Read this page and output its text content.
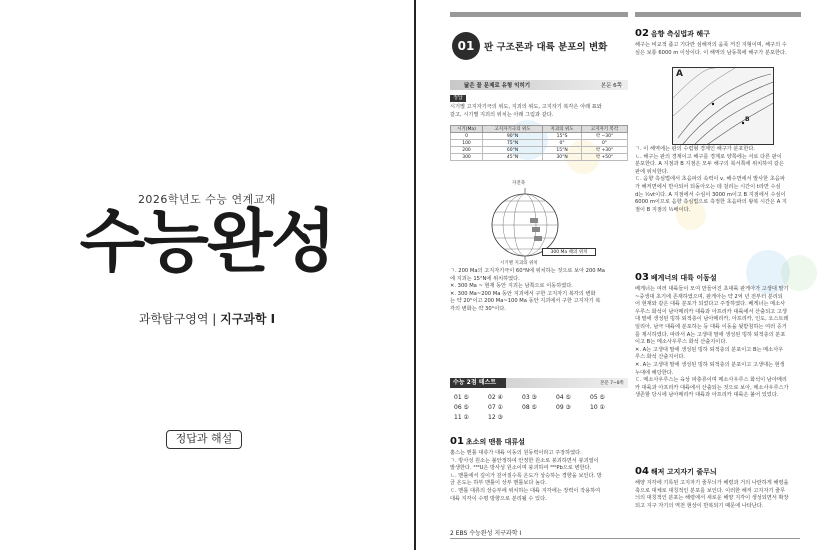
2026학년도 수능 연계교재
수능완성
과학탐구영역 | 지구과학 I
정답과 해설
01	판 구조론과 대륙 분포의 변화
닮은 꼴 문제로 유형 익히기	본문 6쪽
정답
시기별 고지자기극의 위도, 지괴의 위도, 고지자기 복각은 아래 표와
같고, 시기별 지괴의 위치는 아래 그림과 같다.
시기(Ma)	고지자기극의 위도	지괴의 위도	고지자기 복각
0	90°N	15°S	약 −30°
100	75°N	0°	0°
200	60°N	15°N	약 +30°
300	45°N	30°N	약 +50°
자전축
300 Ma 때의 위치
시기별 지괴의 위치
ㄱ. 200 Ma의 고지자기극이 60°N에 위치하는 것으로 보아 200 Ma
에 지괴는 15°N에 위치하였다.
✕. 300 Ma ~ 현재 동안 지괴는 남쪽으로 이동하였다.
✕. 300 Ma~200 Ma 동안 지괴에서 구한 고지자기 복각의 변화
는 약 20°이고 200 Ma~100 Ma 동안 지괴에서 구한 고지자기 복
각의 변화는 약 30°이다.
수능 2점 테스트	본문 7~8쪽
01 ⑤	02 ④	03 ③	04 ⑤	05 ⑤
06 ⑤	07 ①	08 ⑤	09 ③	10 ①
11 ①	12 ③
01 초소의 맨틀 대류설
홈스는 맨틀 대류가 대륙 이동의 원동력이라고 주장하였다.
ㄱ. 방사성 원소는 불안정하여 안정한 원소로 붕괴하면서 붕괴열이
발생한다. ²³⁸U은 방사성 원소이며 붕괴하여 ²⁰⁶Pb으로 변한다.
ㄴ. 맨틀에서 깊이가 깊어질수록 온도가 상승하는 경향을 보인다. 방
금 온도는 하부 맨틀이 상부 맨틀보다 높다.
ㄷ. 맨틀 대류의 상승부에 위치하는 대륙 지각에는 장력이 작용하여
대륙 지각이 수평 방향으로 분리될 수 있다.
02 음향 측심법과 해구
해구는 비교적 좁고 기다란 심해저의 움푹 꺼진 지형이며, 해구의 수
심은 보통 6000 m 이상이다. 이 해역의 남동쪽에 해구가 분포한다.
A
B
ㄱ. 이 해역에는 판의 수렴형 경계인 해구가 분포한다.
ㄴ. 해구는 판의 경계이고 해구를 경계로 양쪽에는 서로 다른 판이
분포한다. A 지점과 B 지점은 모두 해구의 북서쪽에 위치하여 같은
판에 위치한다.
ㄷ. 음향 측심법에서 초음파의 속력이 v, 해수면에서 발사한 초음파
가 해저면에서 반사되어 되돌아오는 데 걸리는 시간이 t라면 수심
d는 ½vt이다. A 지점에서 수심이 3000 m이고 B 지점에서 수심이
6000 m이므로 음향 측심법으로 측정한 초음파의 왕복 시간은 A 지
점이 B 지점의 ½배이다.
03 베게너의 대륙 이동설
베게너는 여러 대륙들이 모여 만들어진 초대륙 판게아가 고생대 말기
~중생대 초기에 존재하였으며, 판게아는 약 2억 년 전부터 분리되
어 현재와 같은 대륙 분포가 되었다고 주장하였다. 베게너는 메소사
우루스 화석이 남아메리카 대륙과 아프리카 대륙에서 산출되고 고생
대 말에 생성된 빙하 퇴적층이 남아메리카, 아프리카, 인도, 오스트레
일리아, 남극 대륙에 분포하는 등 대륙 이동을 뒷받침하는 여러 증거
를 제시하였다. 따라서 A는 고생대 말에 생성된 빙하 퇴적층의 분포
이고 B는 메소사우루스 화석 산출지이다.
✕. A는 고생대 말에 생성된 빙하 퇴적층의 분포이고 B는 메소사우
루스 화석 산출지이다.
✕. A는 고생대 말에 생성된 빙하 퇴적층의 분포이고 고생대는 현생
누대에 해당한다.
ㄷ. 메소사우루스는 육상 파충류이며 메소사우루스 화석이 남아메리
카 대륙과 아프리카 대륙에서 산출되는 것으로 보아, 메소사우루스가
생존할 당시에 남아메리카 대륙과 아프리카 대륙은 붙어 있었다.
04 해저 고지자기 줄무늬
해양 지각에 기록된 고지자기 줄무늬가 해령과 거의 나란하게 해령을
축으로 대체로 대칭적인 분포를 보인다. 이러한 해저 고지자기 줄무
늬의 대칭적인 분포는 해령에서 새로운 해양 지각이 생성되면서 확장
되고 지구 자기의 역전 현상이 반복되기 때문에 나타난다.
2 EBS 수능완성 지구과학 I
